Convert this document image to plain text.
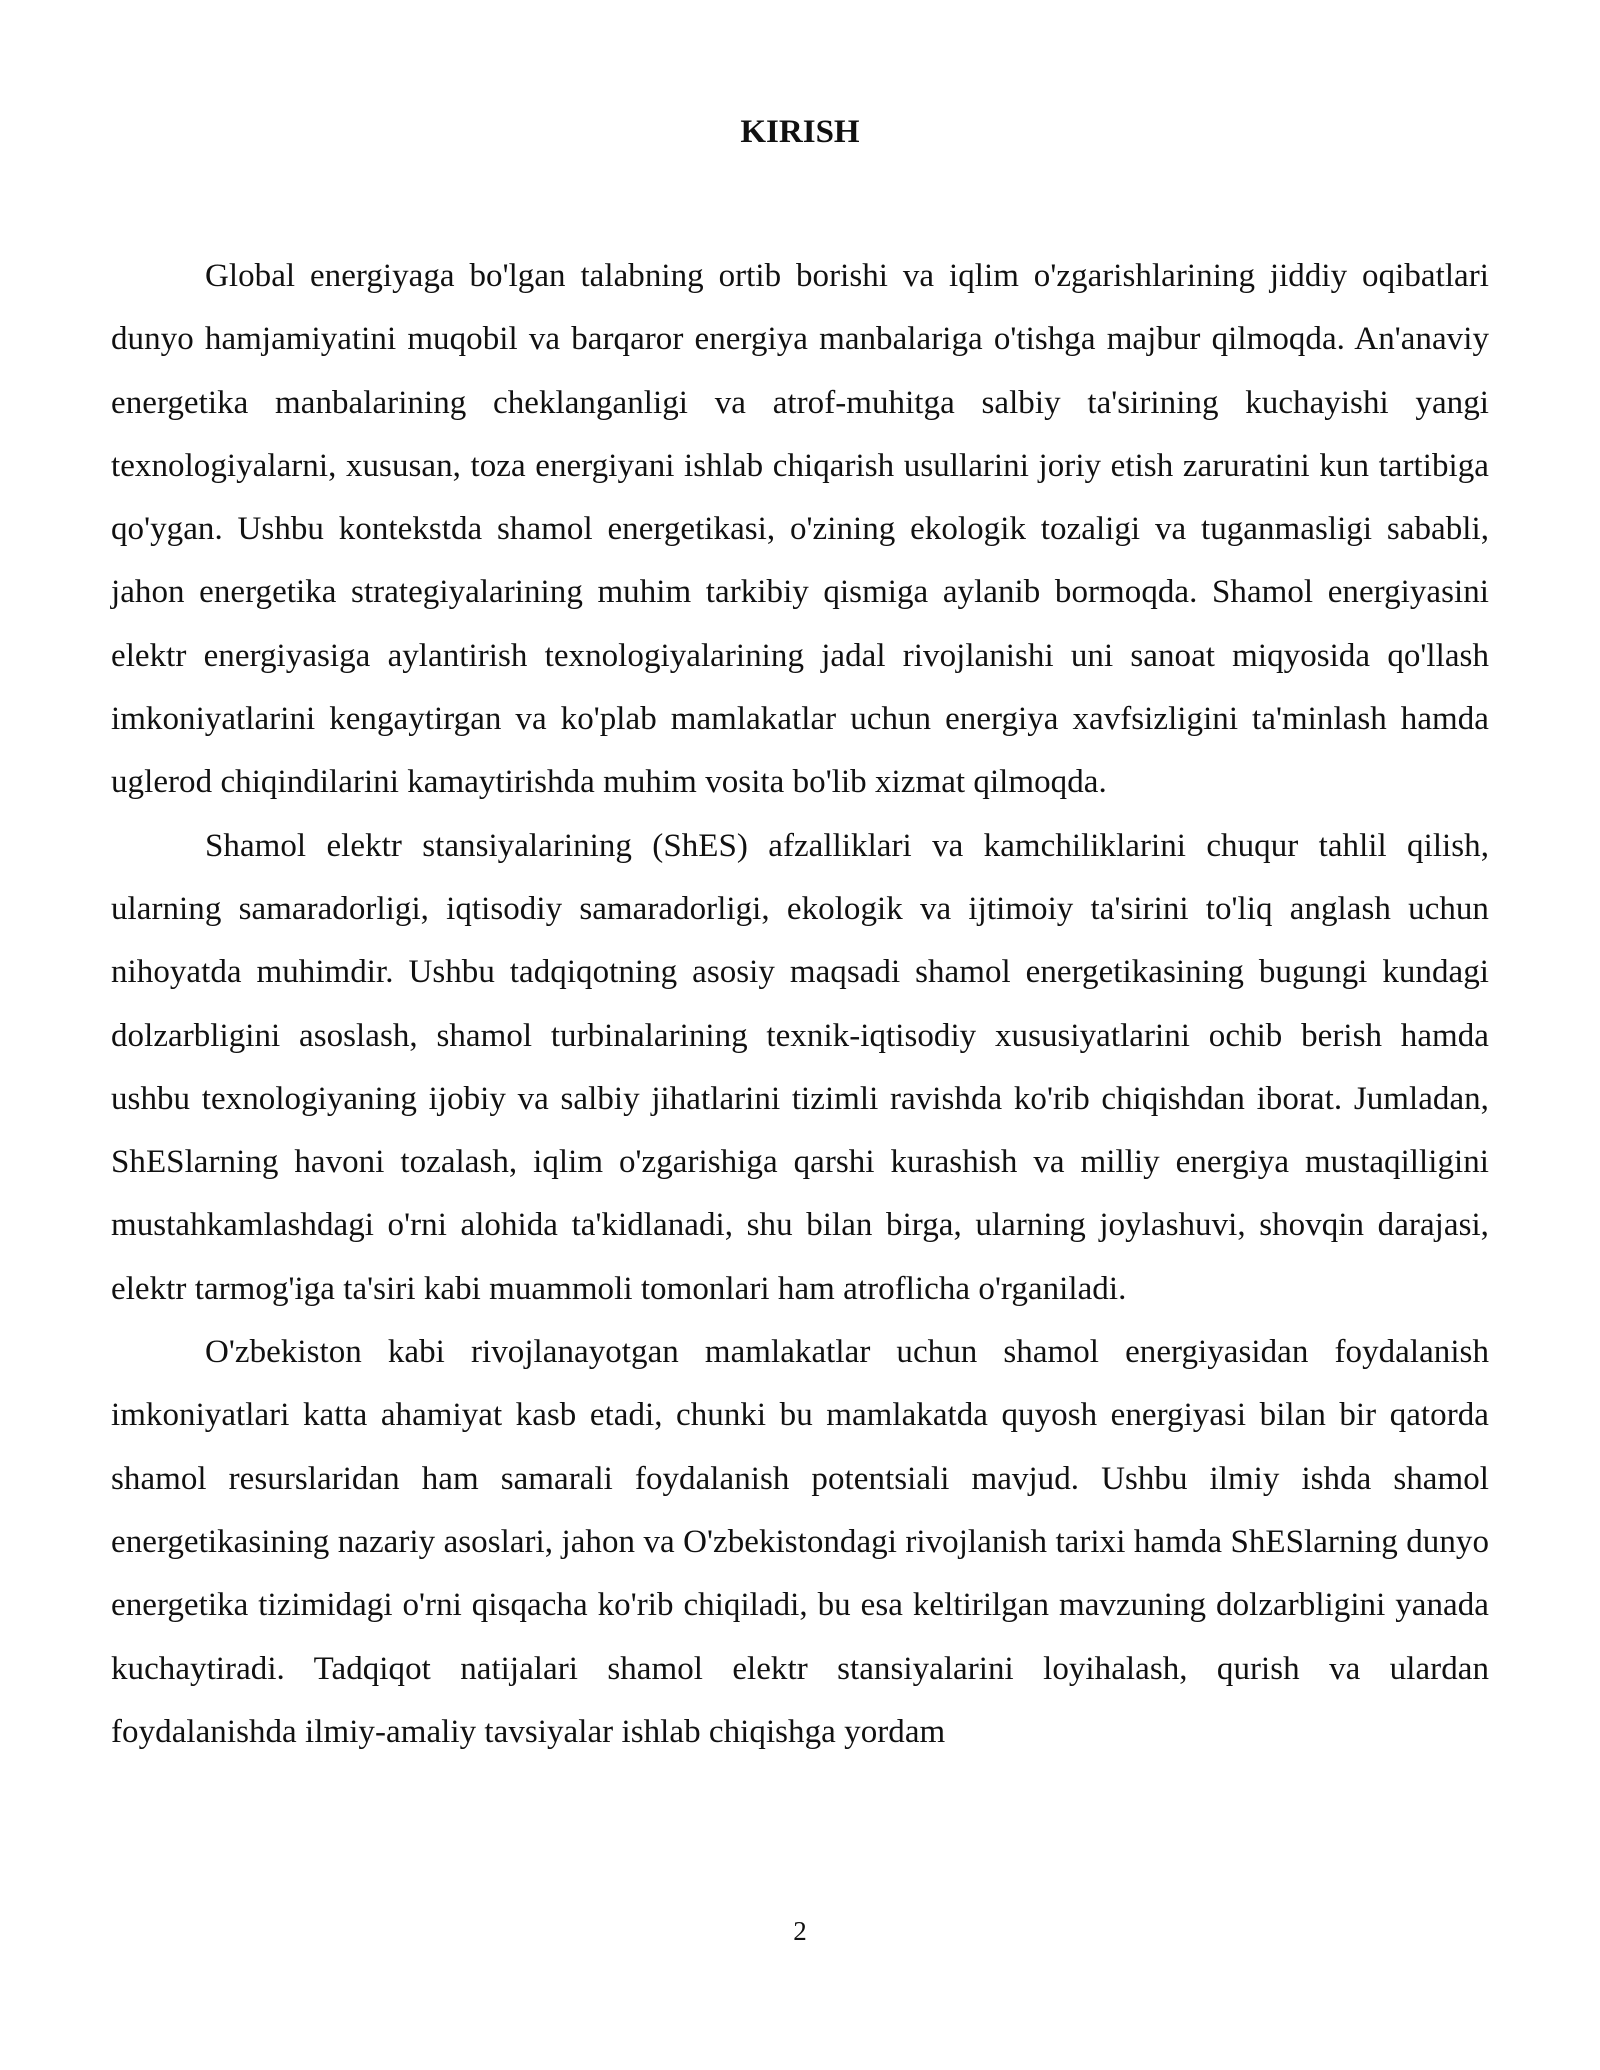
KIRISH

Global energiyaga bo'lgan talabning ortib borishi va iqlim o'zgarishlarining jiddiy oqibatlari dunyo hamjamiyatini muqobil va barqaror energiya manbalariga o'tishga majbur qilmoqda. An'anaviy energetika manbalarining cheklanganligi va atrof-muhitga salbiy ta'sirining kuchayishi yangi texnologiyalarni, xususan, toza energiyani ishlab chiqarish usullarini joriy etish zaruratini kun tartibiga qo'ygan. Ushbu kontekstda shamol energetikasi, o'zining ekologik tozaligi va tuganmasligi sababli, jahon energetika strategiyalarining muhim tarkibiy qismiga aylanib bormoqda. Shamol energiyasini elektr energiyasiga aylantirish texnologiyalarining jadal rivojlanishi uni sanoat miqyosida qo'llash imkoniyatlarini kengaytirgan va ko'plab mamlakatlar uchun energiya xavfsizligini ta'minlash hamda uglerod chiqindilarini kamaytirishda muhim vosita bo'lib xizmat qilmoqda.

Shamol elektr stansiyalarining (ShES) afzalliklari va kamchiliklarini chuqur tahlil qilish, ularning samaradorligi, iqtisodiy samaradorligi, ekologik va ijtimoiy ta'sirini to'liq anglash uchun nihoyatda muhimdir. Ushbu tadqiqotning asosiy maqsadi shamol energetikasining bugungi kundagi dolzarbligini asoslash, shamol turbinalarining texnik-iqtisodiy xususiyatlarini ochib berish hamda ushbu texnologiyaning ijobiy va salbiy jihatlarini tizimli ravishda ko'rib chiqishdan iborat. Jumladan, ShESlarning havoni tozalash, iqlim o'zgarishiga qarshi kurashish va milliy energiya mustaqilligini mustahkamlashdagi o'rni alohida ta'kidlanadi, shu bilan birga, ularning joylashuvi, shovqin darajasi, elektr tarmog'iga ta'siri kabi muammoli tomonlari ham atroflicha o'rganiladi.

O'zbekiston kabi rivojlanayotgan mamlakatlar uchun shamol energiyasidan foydalanish imkoniyatlari katta ahamiyat kasb etadi, chunki bu mamlakatda quyosh energiyasi bilan bir qatorda shamol resurslaridan ham samarali foydalanish potentsiali mavjud. Ushbu ilmiy ishda shamol energetikasining nazariy asoslari, jahon va O'zbekistondagi rivojlanish tarixi hamda ShESlarning dunyo energetika tizimidagi o'rni qisqacha ko'rib chiqiladi, bu esa keltirilgan mavzuning dolzarbligini yanada kuchaytiradi. Tadqiqot natijalari shamol elektr stansiyalarini loyihalash, qurish va ulardan foydalanishda ilmiy-amaliy tavsiyalar ishlab chiqishga yordam

2
